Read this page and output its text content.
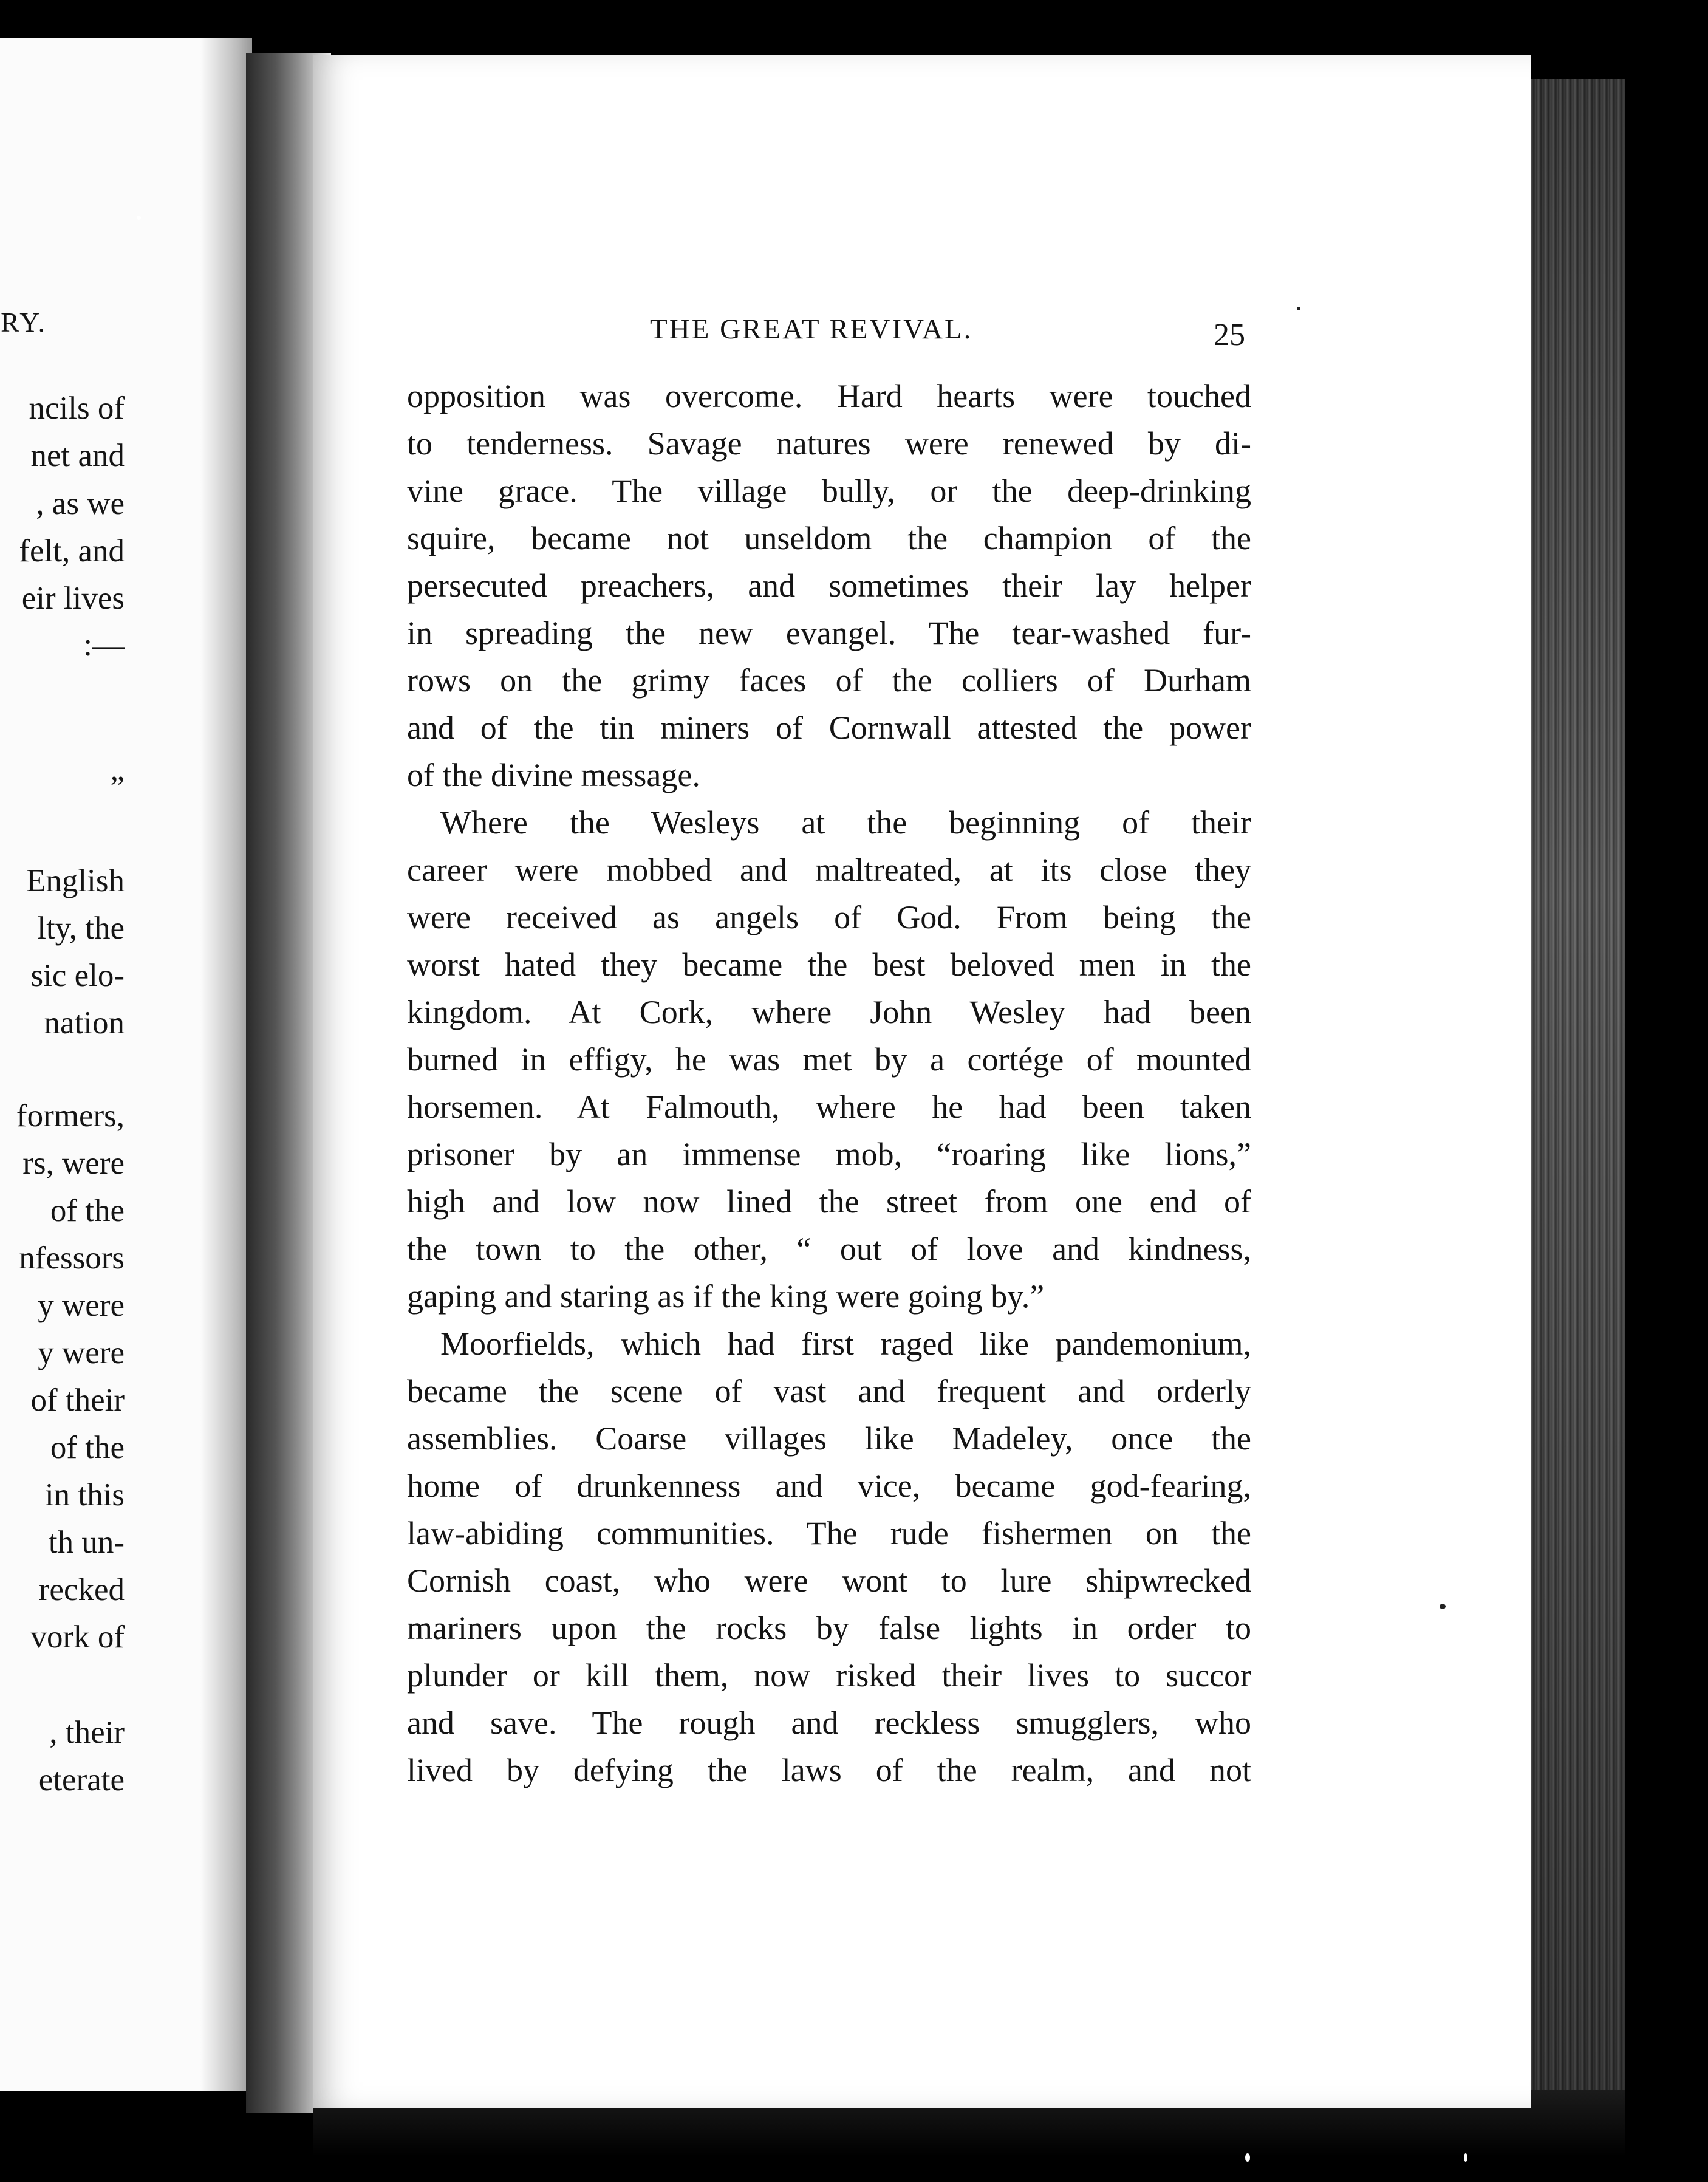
RY.
ncils of
net and
, as we
felt, and
eir lives
:—
”
English
lty, the
sic elo-
nation
formers,
rs, were
of the
nfessors
y were
y were
of their
of the
in this
th un-
recked
vork of
, their
eterate
THE GREAT REVIVAL.	25
opposition was overcome. Hard hearts were touched
to tenderness. Savage natures were renewed by di-
vine grace. The village bully, or the deep-drinking
squire, became not unseldom the champion of the
persecuted preachers, and sometimes their lay helper
in spreading the new evangel. The tear-washed fur-
rows on the grimy faces of the colliers of Durham
and of the tin miners of Cornwall attested the power
of the divine message.
Where the Wesleys at the beginning of their
career were mobbed and maltreated, at its close they
were received as angels of God. From being the
worst hated they became the best beloved men in the
kingdom. At Cork, where John Wesley had been
burned in effigy, he was met by a cortége of mounted
horsemen. At Falmouth, where he had been taken
prisoner by an immense mob, “roaring like lions,”
high and low now lined the street from one end of
the town to the other, “ out of love and kindness,
gaping and staring as if the king were going by.”
Moorfields, which had first raged like pandemonium,
became the scene of vast and frequent and orderly
assemblies. Coarse villages like Madeley, once the
home of drunkenness and vice, became god-fearing,
law-abiding communities. The rude fishermen on the
Cornish coast, who were wont to lure shipwrecked
mariners upon the rocks by false lights in order to
plunder or kill them, now risked their lives to succor
and save. The rough and reckless smugglers, who
lived by defying the laws of the realm, and not
